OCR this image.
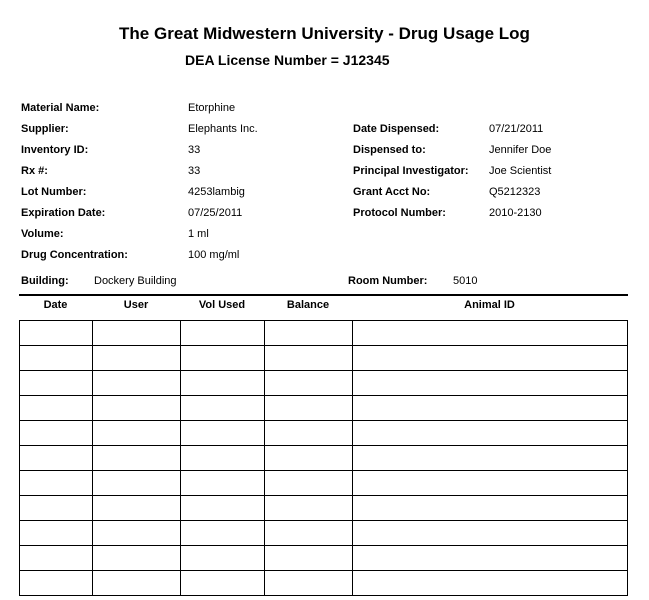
The Great Midwestern University - Drug Usage Log
DEA License Number = J12345
Material Name:	Etorphine
Supplier:	Elephants Inc.
Inventory ID:	33
Rx #:	33
Lot Number:	4253lambig
Expiration Date:	07/25/2011
Volume:	1 ml
Drug Concentration:	100 mg/ml
Date Dispensed:	07/21/2011
Dispensed to:	Jennifer Doe
Principal Investigator: Joe Scientist
Grant Acct No:	Q5212323
Protocol Number:	2010-2130
Building: Dockery Building	Room Number: 5010
Date	User	Vol Used	Balance	Animal ID
